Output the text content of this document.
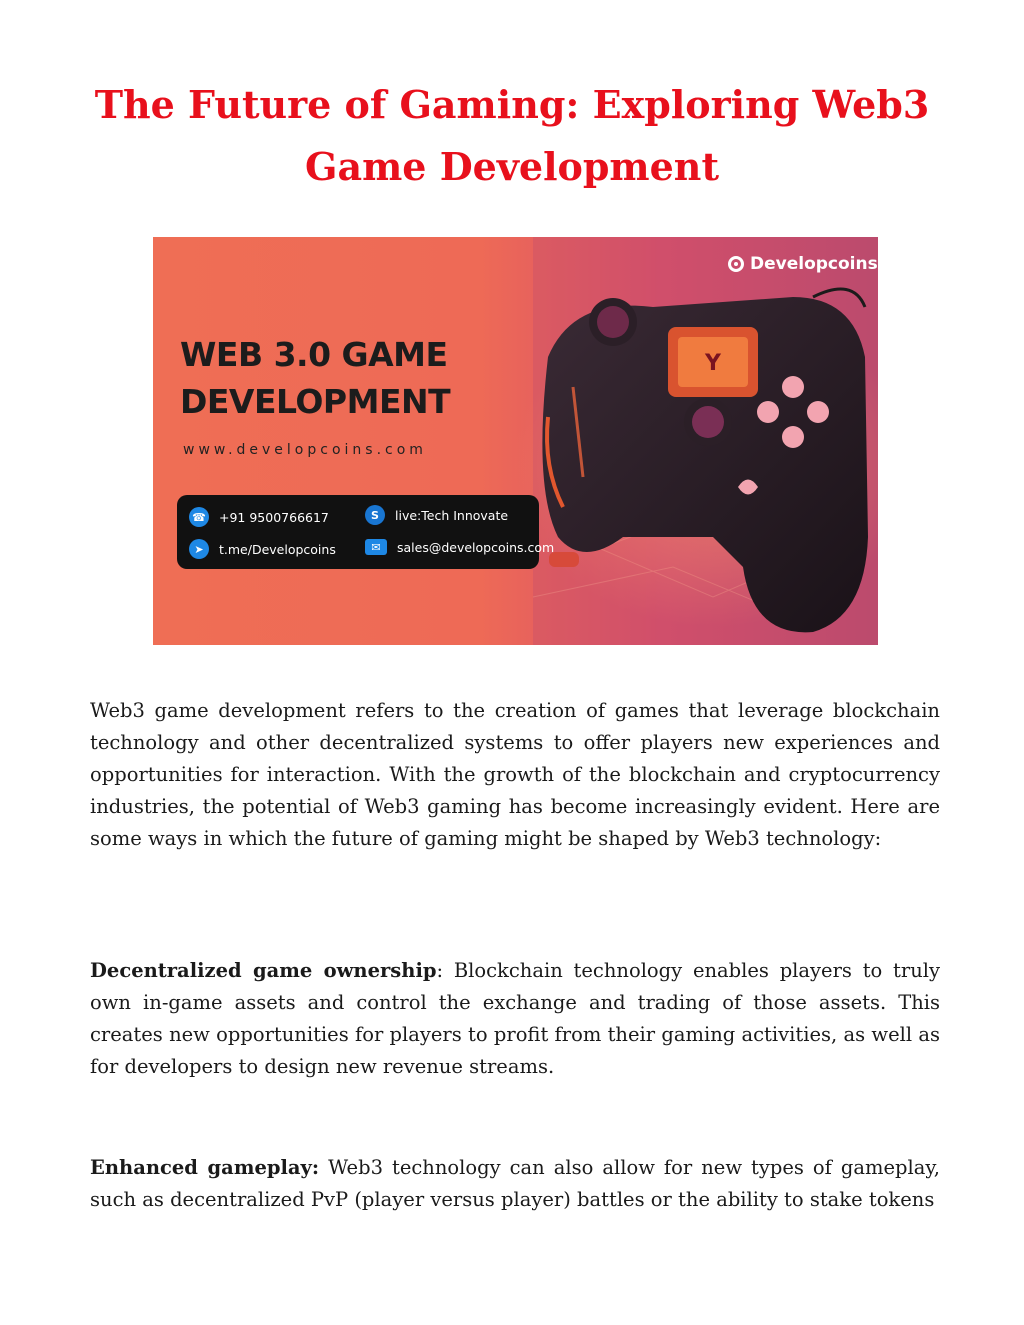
The Future of Gaming: Exploring Web3 Game Development
Y
Developcoins
WEB 3.0 GAME
DEVELOPMENT
www.developcoins.com
☎ +91 9500766617	S	live:Tech Innovate
➤	t.me/Developcoins	✉	sales@developcoins.com

Web3 game development refers to the creation of games that leverage blockchain technology and other decentralized systems to offer players new experiences and opportunities for interaction. With the growth of the blockchain and cryptocurrency industries, the potential of Web3 gaming has become increasingly evident. Here are some ways in which the future of gaming might be shaped by Web3 technology:

Decentralized game ownership: Blockchain technology enables players to truly own in-game assets and control the exchange and trading of those assets. This creates new opportunities for players to profit from their gaming activities, as well as for developers to design new revenue streams.

Enhanced gameplay: Web3 technology can also allow for new types of gameplay, such as decentralized PvP (player versus player) battles or the ability to stake tokens
